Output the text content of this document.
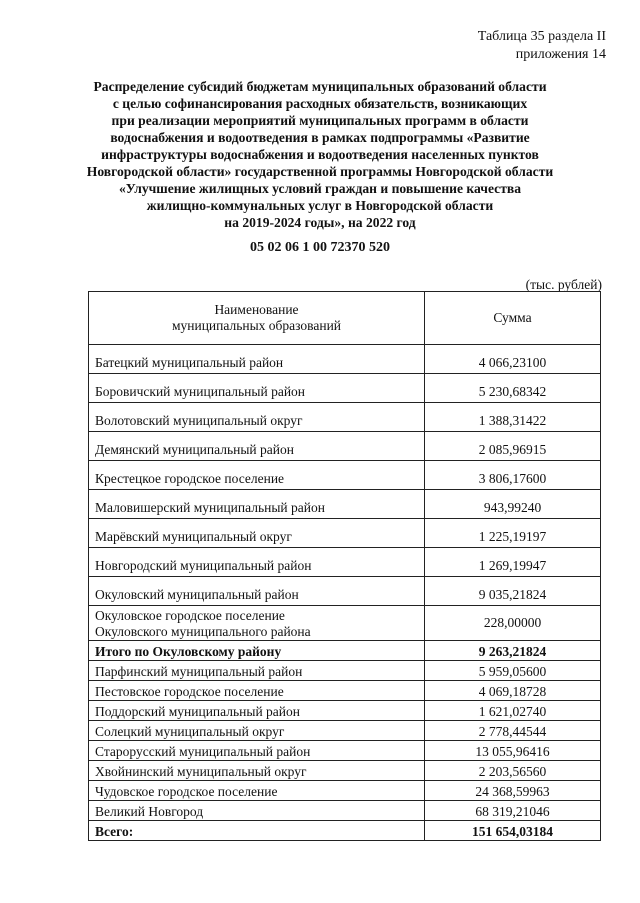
Таблица 35 раздела II
приложения 14
Распределение субсидий бюджетам муниципальных образований области
с целью софинансирования расходных обязательств, возникающих
при реализации мероприятий муниципальных программ в области
водоснабжения и водоотведения в рамках подпрограммы «Развитие
инфраструктуры водоснабжения и водоотведения населенных пунктов
Новгородской области» государственной программы Новгородской области
«Улучшение жилищных условий граждан и повышение качества
жилищно-коммунальных услуг в Новгородской области
на 2019-2024 годы», на 2022 год
05 02 06 1 00 72370 520
(тыс. рублей)
Наименование
муниципальных образований	Сумма

Батецкий муниципальный район	4 066,23100

Боровичский муниципальный район	5 230,68342

Волотовский муниципальный округ	1 388,31422

Демянский муниципальный район	2 085,96915

Крестецкое городское поселение	3 806,17600

Маловишерский муниципальный район	943,99240

Марёвский муниципальный округ	1 225,19197

Новгородский муниципальный район	1 269,19947

Окуловский муниципальный район	9 035,21824

Окуловское городское поселение
Окуловского муниципального района	228,00000

Итого по Окуловскому району	9 263,21824

Парфинский муниципальный район	5 959,05600

Пестовское городское поселение	4 069,18728

Поддорский муниципальный район	1 621,02740

Солецкий муниципальный округ	2 778,44544

Старорусский муниципальный район	13 055,96416

Хвойнинский муниципальный округ	2 203,56560

Чудовское городское поселение	24 368,59963

Великий Новгород	68 319,21046

Всего:	151 654,03184
